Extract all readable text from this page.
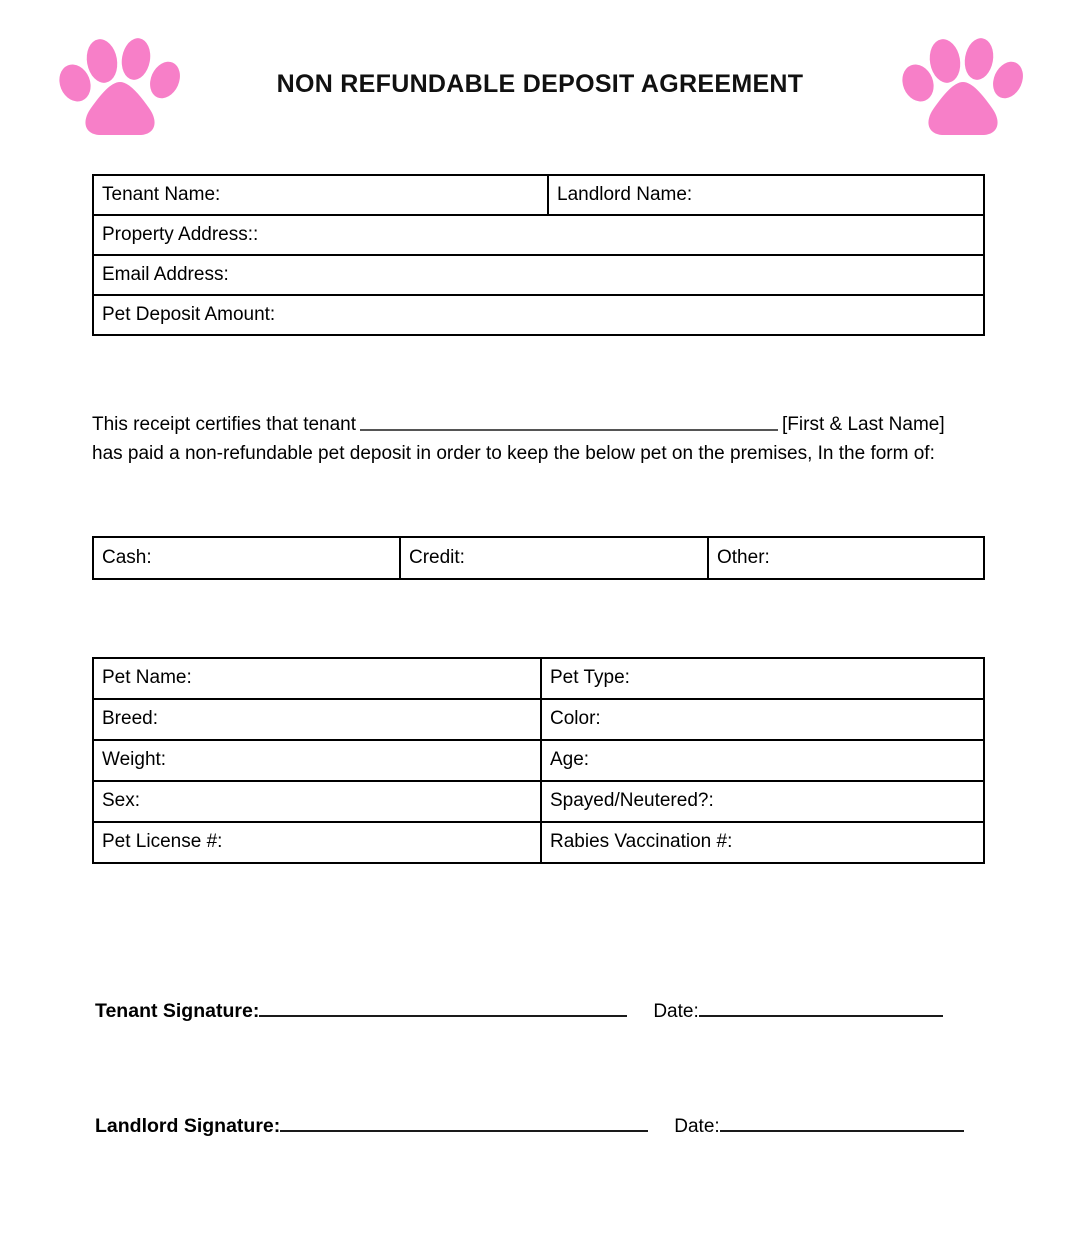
NON REFUNDABLE DEPOSIT AGREEMENT
Tenant Name:	Landlord Name:
Property Address::
Email Address:
Pet Deposit Amount:
This receipt certifies that tenant	[First & Last Name]
has paid a non-refundable pet deposit in order to keep the below pet on the premises, In the form of:
Cash:	Credit:	Other:
Pet Name:	Pet Type:
Breed:	Color:
Weight:	Age:
Sex:	Spayed/Neutered?:
Pet License #:	Rabies Vaccination #:
Tenant Signature:	Date:
Landlord Signature:	Date:
